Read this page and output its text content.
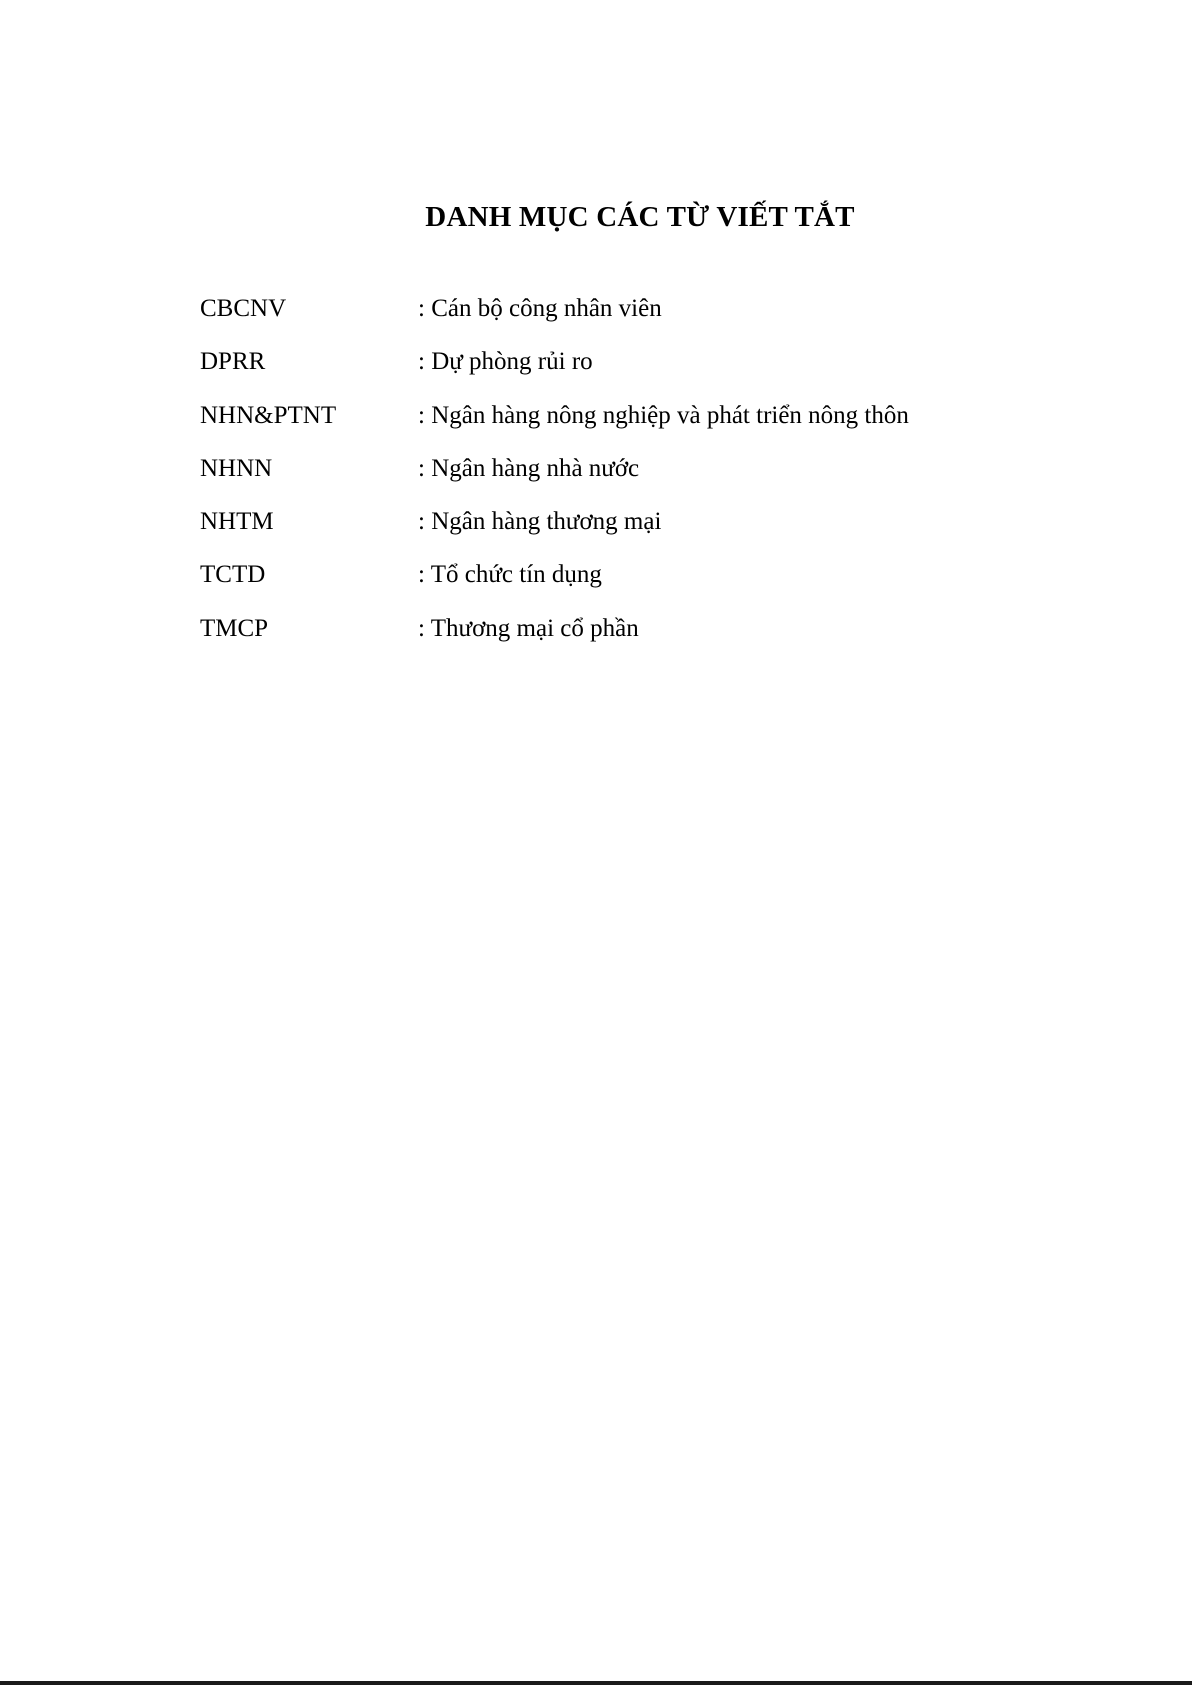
DANH MỤC CÁC TỪ VIẾT TẮT
CBCNV	: Cán bộ công nhân viên
DPRR	: Dự phòng rủi ro
NHN&PTNT	: Ngân hàng nông nghiệp và phát triển nông thôn
NHNN	: Ngân hàng nhà nước
NHTM	: Ngân hàng thương mại
TCTD	: Tổ chức tín dụng
TMCP	: Thương mại cổ phần
